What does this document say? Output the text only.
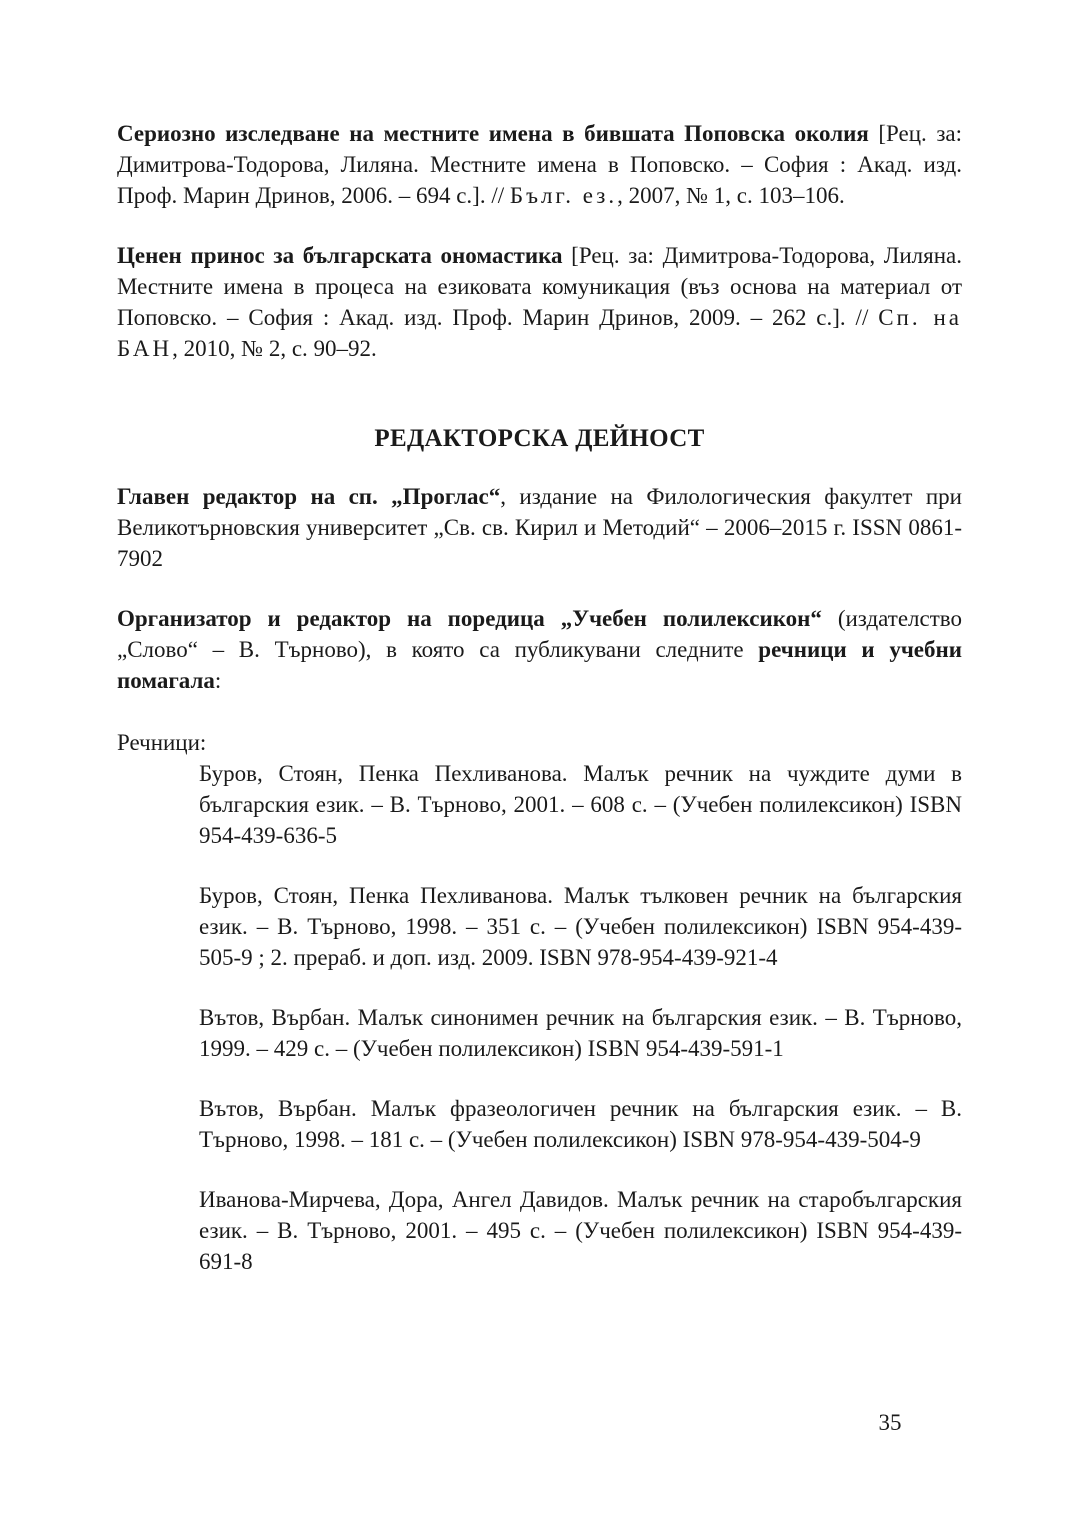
Сериозно изследване на местните имена в бившата Поповска околия [Рец. за: Димитрова-Тодорова, Лиляна. Местните имена в Поповско. – София : Акад. изд. Проф. Марин Дринов, 2006. – 694 с.]. // Бълг. ез., 2007, № 1, с. 103–106.

Ценен принос за българската ономастика [Рец. за: Димитрова-Тодорова, Лиляна. Местните имена в процеса на езиковата комуникация (въз основа на материал от Поповско. – София : Акад. изд. Проф. Марин Дринов, 2009. – 262 с.]. // Сп. на БАН, 2010, № 2, с. 90–92.

РЕДАКТОРСКА ДЕЙНОСТ

Главен редактор на сп. „Проглас“, издание на Филологическия факултет при Великотърновския университет „Св. св. Кирил и Методий“ – 2006–2015 г. ISSN 0861-7902

Организатор и редактор на поредица „Учебен полилексикон“ (издателство „Слово“ – В. Търново), в която са публикувани следните речници и учебни помагала:

Речници:

Буров, Стоян, Пенка Пехливанова. Малък речник на чуждите думи в българския език. – В. Търново, 2001. – 608 с. – (Учебен полилексикон) ISBN 954-439-636-5

Буров, Стоян, Пенка Пехливанова. Малък тълковен речник на българския език. – В. Търново, 1998. – 351 с. – (Учебен полилексикон) ISBN 954-439-505-9 ; 2. прераб. и доп. изд. 2009. ISBN 978-954-439-921-4

Вътов, Върбан. Малък синонимен речник на българския език. – В. Търново, 1999. – 429 с. – (Учебен полилексикон) ISBN 954-439-591-1

Вътов, Върбан. Малък фразеологичен речник на българския език. – В. Търново, 1998. – 181 с. – (Учебен полилексикон) ISBN 978-954-439-504-9

Иванова-Мирчева, Дора, Ангел Давидов. Малък речник на старобългарския език. – В. Търново, 2001. – 495 с. – (Учебен полилексикон) ISBN 954-439-691-8

35
